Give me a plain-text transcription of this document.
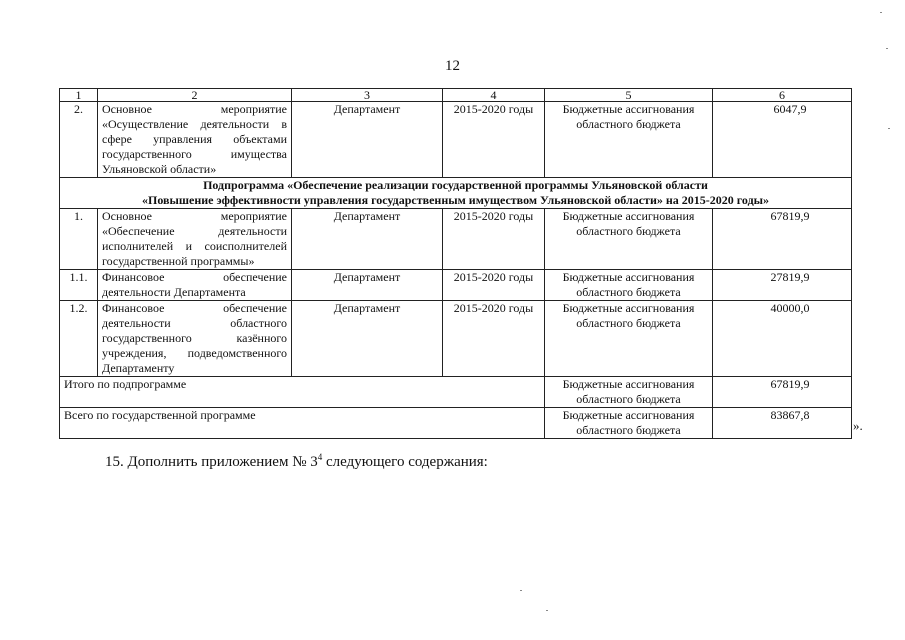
12
1	2	3	4	5	6
2.	Основное мероприятие «Осуществление деятельности в сфере управления объектами государственного имущества Ульяновской области»	Департамент	2015-2020 годы	Бюджетные ассигнования областного бюджета	6047,9

Подпрограмма «Обеспечение реализации государственной программы Ульяновской области
«Повышение эффективности управления государственным имуществом Ульяновской области» на 2015-2020 годы»					

1.	Основное мероприятие «Обеспечение деятельности исполнителей и соисполнителей государственной программы»	Департамент	2015-2020 годы	Бюджетные ассигнования областного бюджета	67819,9
1.1.	Финансовое обеспечение деятельности Департамента	Департамент	2015-2020 годы	Бюджетные ассигнования областного бюджета	27819,9
1.2.	Финансовое обеспечение деятельности областного государственного казённого учреждения, подведомственного Департаменту	Департамент	2015-2020 годы	Бюджетные ассигнования областного бюджета	40000,0
Итого по подпрограмме				Бюджетные ассигнования областного бюджета	67819,9
Всего по государственной программе				Бюджетные ассигнования областного бюджета	83867,8
».
15. Дополнить приложением № $3^4$ следующего содержания:
